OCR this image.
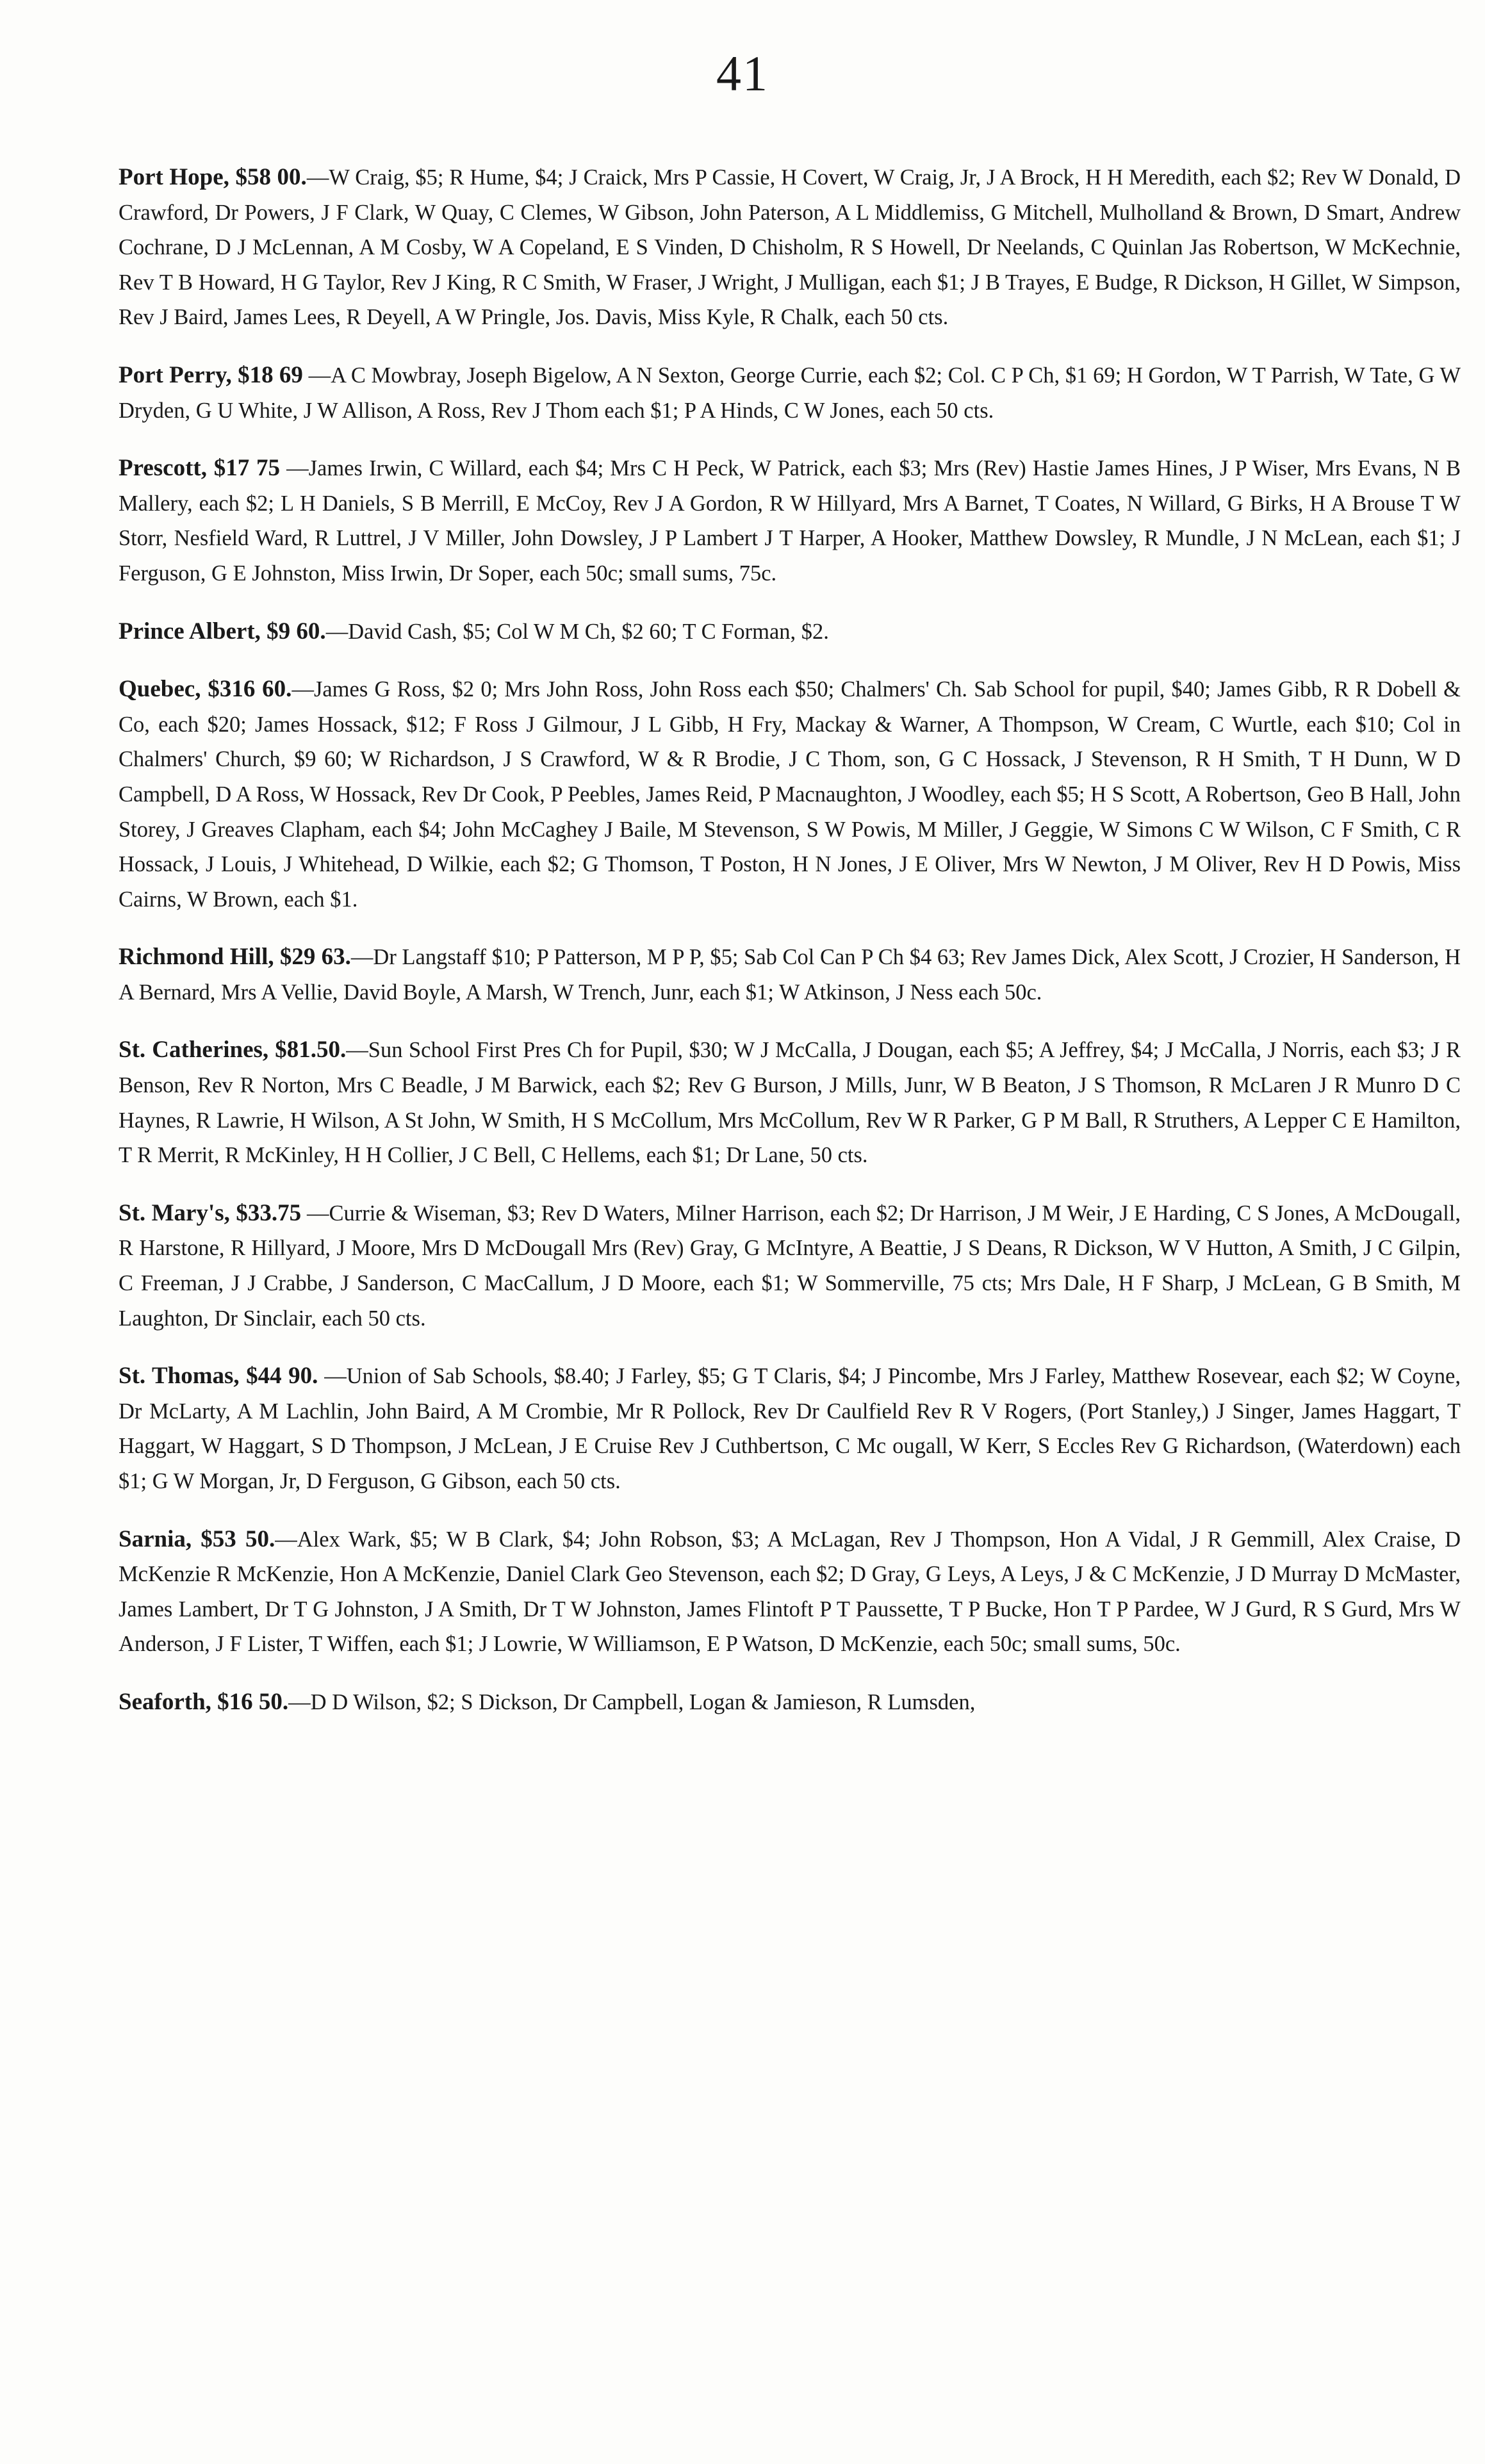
41

Port Hope, $58 00.—W Craig, $5; R Hume, $4; J Craick, Mrs P Cassie, H Covert, W Craig, Jr, J A Brock, H H Meredith, each $2; Rev W Donald, D Crawford, Dr Powers, J F Clark, W Quay, C Clemes, W Gibson, John Paterson, A L Middlemiss, G Mitchell, Mulholland & Brown, D Smart, Andrew Cochrane, D J McLennan, A M Cosby, W A Copeland, E S Vinden, D Chisholm, R S Howell, Dr Neelands, C Quinlan Jas Robertson, W McKechnie, Rev T B Howard, H G Taylor, Rev J King, R C Smith, W Fraser, J Wright, J Mulligan, each $1; J B Trayes, E Budge, R Dickson, H Gillet, W Simpson, Rev J Baird, James Lees, R Deyell, A W Pringle, Jos. Davis, Miss Kyle, R Chalk, each 50 cts.

Port Perry, $18 69 —A C Mowbray, Joseph Bigelow, A N Sexton, George Currie, each $2; Col. C P Ch, $1 69; H Gordon, W T Parrish, W Tate, G W Dryden, G U White, J W Allison, A Ross, Rev J Thom each $1; P A Hinds, C W Jones, each 50 cts.

Prescott, $17 75 —James Irwin, C Willard, each $4; Mrs C H Peck, W Patrick, each $3; Mrs (Rev) Hastie James Hines, J P Wiser, Mrs Evans, N B Mallery, each $2; L H Daniels, S B Merrill, E McCoy, Rev J A Gordon, R W Hillyard, Mrs A Barnet, T Coates, N Willard, G Birks, H A Brouse T W Storr, Nesfield Ward, R Luttrel, J V Miller, John Dowsley, J P Lambert J T Harper, A Hooker, Matthew Dowsley, R Mundle, J N McLean, each $1; J Ferguson, G E Johnston, Miss Irwin, Dr Soper, each 50c; small sums, 75c.

Prince Albert, $9 60.—David Cash, $5; Col W M Ch, $2 60; T C Forman, $2.

Quebec, $316 60.—James G Ross, $2 0; Mrs John Ross, John Ross each $50; Chalmers' Ch. Sab School for pupil, $40; James Gibb, R R Dobell & Co, each $20; James Hossack, $12; F Ross J Gilmour, J L Gibb, H Fry, Mackay & Warner, A Thompson, W Cream, C Wurtle, each $10; Col in Chalmers' Church, $9 60; W Richardson, J S Crawford, W & R Brodie, J C Thom, son, G C Hossack, J Stevenson, R H Smith, T H Dunn, W D Campbell, D A Ross, W Hossack, Rev Dr Cook, P Peebles, James Reid, P Macnaughton, J Woodley, each $5; H S Scott, A Robertson, Geo B Hall, John Storey, J Greaves Clapham, each $4; John McCaghey J Baile, M Stevenson, S W Powis, M Miller, J Geggie, W Simons C W Wilson, C F Smith, C R Hossack, J Louis, J Whitehead, D Wilkie, each $2; G Thomson, T Poston, H N Jones, J E Oliver, Mrs W Newton, J M Oliver, Rev H D Powis, Miss Cairns, W Brown, each $1.

Richmond Hill, $29 63.—Dr Langstaff $10; P Patterson, M P P, $5; Sab Col Can P Ch $4 63; Rev James Dick, Alex Scott, J Crozier, H Sanderson, H A Bernard, Mrs A Vellie, David Boyle, A Marsh, W Trench, Junr, each $1; W Atkinson, J Ness each 50c.

St. Catherines, $81.50.—Sun School First Pres Ch for Pupil, $30; W J McCalla, J Dougan, each $5; A Jeffrey, $4; J McCalla, J Norris, each $3; J R Benson, Rev R Norton, Mrs C Beadle, J M Barwick, each $2; Rev G Burson, J Mills, Junr, W B Beaton, J S Thomson, R McLaren J R Munro D C Haynes, R Lawrie, H Wilson, A St John, W Smith, H S McCollum, Mrs McCollum, Rev W R Parker, G P M Ball, R Struthers, A Lepper C E Hamilton, T R Merrit, R McKinley, H H Collier, J C Bell, C Hellems, each $1; Dr Lane, 50 cts.

St. Mary's, $33.75 —Currie & Wiseman, $3; Rev D Waters, Milner Harrison, each $2; Dr Harrison, J M Weir, J E Harding, C S Jones, A McDougall, R Harstone, R Hillyard, J Moore, Mrs D McDougall Mrs (Rev) Gray, G McIntyre, A Beattie, J S Deans, R Dickson, W V Hutton, A Smith, J C Gilpin, C Freeman, J J Crabbe, J Sanderson, C MacCallum, J D Moore, each $1; W Sommerville, 75 cts; Mrs Dale, H F Sharp, J McLean, G B Smith, M Laughton, Dr Sinclair, each 50 cts.

St. Thomas, $44 90. —Union of Sab Schools, $8.40; J Farley, $5; G T Claris, $4; J Pincombe, Mrs J Farley, Matthew Rosevear, each $2; W Coyne, Dr McLarty, A M Lachlin, John Baird, A M Crombie, Mr R Pollock, Rev Dr Caulfield Rev R V Rogers, (Port Stanley,) J Singer, James Haggart, T Haggart, W Haggart, S D Thompson, J McLean, J E Cruise Rev J Cuthbertson, C Mc ougall, W Kerr, S Eccles Rev G Richardson, (Waterdown) each $1; G W Morgan, Jr, D Ferguson, G Gibson, each 50 cts.

Sarnia, $53 50.—Alex Wark, $5; W B Clark, $4; John Robson, $3; A McLagan, Rev J Thompson, Hon A Vidal, J R Gemmill, Alex Craise, D McKenzie R McKenzie, Hon A McKenzie, Daniel Clark Geo Stevenson, each $2; D Gray, G Leys, A Leys, J & C McKenzie, J D Murray D McMaster, James Lambert, Dr T G Johnston, J A Smith, Dr T W Johnston, James Flintoft P T Paussette, T P Bucke, Hon T P Pardee, W J Gurd, R S Gurd, Mrs W Anderson, J F Lister, T Wiffen, each $1; J Lowrie, W Williamson, E P Watson, D McKenzie, each 50c; small sums, 50c.

Seaforth, $16 50.—D D Wilson, $2; S Dickson, Dr Campbell, Logan & Jamieson, R Lumsden,
